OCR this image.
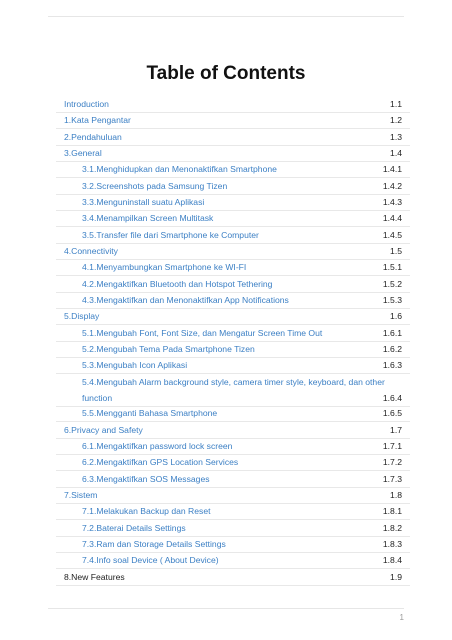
Table of Contents
Introduction	1.1
1.Kata Pengantar	1.2
2.Pendahuluan	1.3
3.General	1.4
3.1.Menghidupkan dan Menonaktifkan Smartphone	1.4.1
3.2.Screenshots pada Samsung Tizen	1.4.2
3.3.Menguninstall suatu Aplikasi	1.4.3
3.4.Menampilkan Screen Multitask	1.4.4
3.5.Transfer file dari Smartphone ke Computer	1.4.5
4.Connectivity	1.5
4.1.Menyambungkan Smartphone ke WI-FI	1.5.1
4.2.Mengaktifkan Bluetooth dan Hotspot Tethering	1.5.2
4.3.Mengaktifkan dan Menonaktifkan App Notifications	1.5.3
5.Display	1.6
5.1.Mengubah Font, Font Size, dan Mengatur Screen Time Out	1.6.1
5.2.Mengubah Tema Pada Smartphone Tizen	1.6.2
5.3.Mengubah Icon Aplikasi	1.6.3
5.4.Mengubah Alarm background style, camera timer style, keyboard, dan other function	1.6.4
5.5.Mengganti Bahasa Smartphone	1.6.5
6.Privacy and Safety	1.7
6.1.Mengaktifkan password lock screen	1.7.1
6.2.Mengaktifkan GPS Location Services	1.7.2
6.3.Mengaktifkan SOS Messages	1.7.3
7.Sistem	1.8
7.1.Melakukan Backup dan Reset	1.8.1
7.2.Baterai Details Settings	1.8.2
7.3.Ram dan Storage Details Settings	1.8.3
7.4.Info soal Device ( About Device)	1.8.4
8.New Features	1.9
1
